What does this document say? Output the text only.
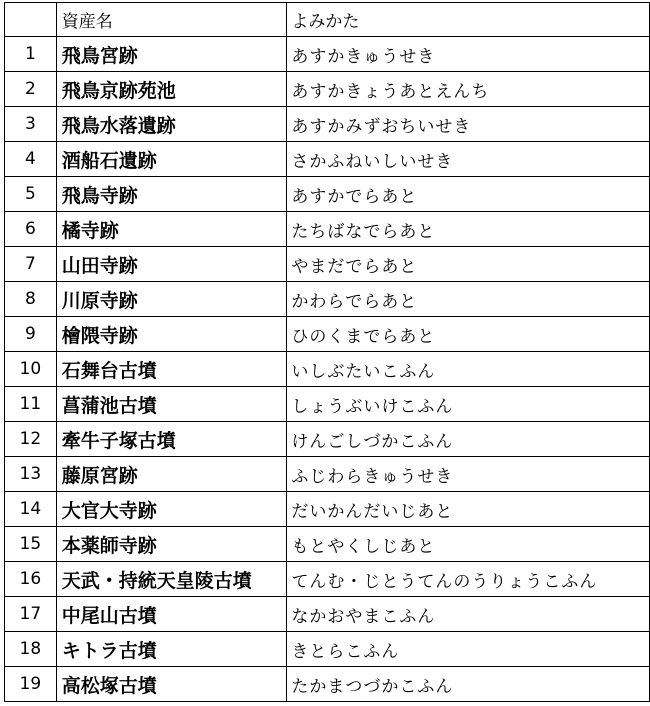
	資産名	よみかた
1	飛鳥宮跡	あすかきゅうせき
2	飛鳥京跡苑池	あすかきょうあとえんち
3	飛鳥水落遺跡	あすかみずおちいせき
4	酒船石遺跡	さかふねいしいせき
5	飛鳥寺跡	あすかでらあと
6	橘寺跡	たちばなでらあと
7	山田寺跡	やまだでらあと
8	川原寺跡	かわらでらあと
9	檜隈寺跡	ひのくまでらあと
10	石舞台古墳	いしぶたいこふん
11	菖蒲池古墳	しょうぶいけこふん
12	牽牛子塚古墳	けんごしづかこふん
13	藤原宮跡	ふじわらきゅうせき
14	大官大寺跡	だいかんだいじあと
15	本薬師寺跡	もとやくしじあと
16	天武・持統天皇陵古墳	てんむ・じとうてんのうりょうこふん
17	中尾山古墳	なかおやまこふん
18	キトラ古墳	きとらこふん
19	高松塚古墳	たかまつづかこふん
